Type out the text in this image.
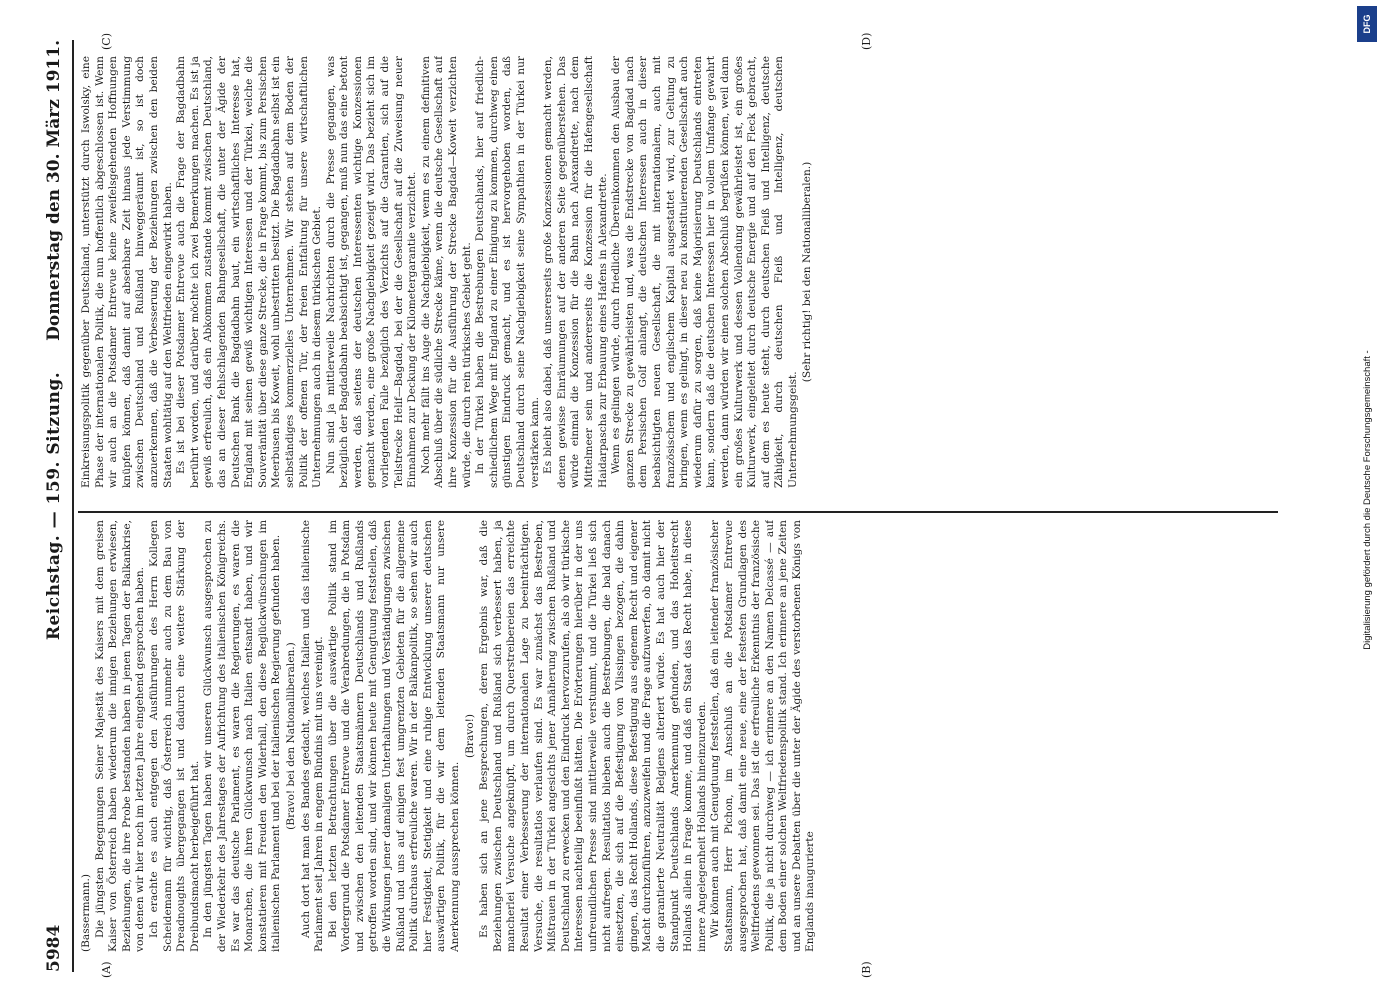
5984
Reichstag. — 159. Sitzung.
Donnerstag den 30. März 1911.
(A)	(B)
(C)	(D)

(Bassermann.) Die jüngsten Begegnungen Seiner Majestät des Kaisers mit dem greisen Kaiser von Österreich haben wiederum die innigen Beziehungen erwiesen, Beziehungen, die ihre Probe bestanden haben in jenen Tagen der Balkankrise, von denen wir hier noch im letzten Jahre eingehend gesprochen haben. Ich erachte es auch entgegen den Ausführungen des Herrn Kollegen Scheidemann für wichtig, daß Österreich nunmehr auch zu dem Bau von Dreadnoughts übergegangen ist und dadurch eine weitere Stärkung der Dreibundsmacht herbeigeführt hat. In den jüngsten Tagen haben wir unseren Glückwunsch ausgesprochen zu der Wiederkehr des Jahrestages der Aufrichtung des italienischen Königreichs. Es war das deutsche Parlament, es waren die Regierungen, es waren die Monarchen, die ihren Glückwunsch nach Italien entsandt haben, und wir konstatieren mit Freuden den Widerhall, den diese Beglückwünschungen im italienischen Parlament und bei der italienischen Regierung gefunden haben. (Bravo! bei den Nationalliberalen.) Auch dort hat man des Bandes gedacht, welches Italien und das italienische Parlament seit Jahren in engem Bündnis mit uns vereinigt. Bei den letzten Betrachtungen über die auswärtige Politik stand im Vordergrund die Potsdamer Entrevue und die Verabredungen, die in Potsdam und zwischen den leitenden Staatsmännern Deutschlands und Rußlands getroffen worden sind, und wir können heute mit Genugtuung feststellen, daß die Wirkungen jener damaligen Unterhaltungen und Verständigungen zwischen Rußland und uns auf einigen fest umgrenzten Gebieten für die allgemeine Politik durchaus erfreuliche waren. Wir in der Balkanpolitik, so sehen wir auch hier Festigkeit, Stetigkeit und eine ruhige Entwicklung unserer deutschen auswärtigen Politik, für die wir dem leitenden Staatsmann nur unsere Anerkennung aussprechen können.

(Bravo!) Es haben sich an jene Besprechungen, deren Ergebnis war, daß die Beziehungen zwischen Deutschland und Rußland sich verbessert haben, ja mancherlei Versuche angeknüpft, um durch Querstreibereien das erreichte Resultat einer Verbesserung der internationalen Lage zu beeinträchtigen. Versuche, die resultatlos verlaufen sind. Es war zunächst das Bestreben, Mißtrauen in der Türkei angesichts jener Annäherung zwischen Rußland und Deutschland zu erwecken und den Eindruck hervorzurufen, als ob wir türkische Interessen nachteilig beeinflußt hätten. Die Erörterungen hierüber in der uns unfreundlichen Presse sind mittlerweile verstummt, und die Türkei ließ sich nicht aufregen. Resultatlos blieben auch die Bestrebungen, die bald danach einsetzten, die sich auf die Befestigung von Vlissingen bezogen, die dahin gingen, das Recht Hollands, diese Befestigung aus eigenem Recht und eigener Macht durchzuführen, anzuzweifeln und die Frage aufzuwerfen, ob damit nicht die garantierte Neutralität Belgiens alteriert würde. Es hat auch hier der Standpunkt Deutschlands Anerkennung gefunden, und das Hoheitsrecht Hollands allein in Frage komme, und daß ein Staat das Recht habe, in diese innere Angelegenheit Hollands hineinzureden. Wir können auch mit Genugtuung feststellen, daß ein leitender französischer Staatsmann, Herr Pichon, im Anschluß an die Potsdamer Entrevue ausgesprochen hat, daß damit eine neue, eine der festesten Grundlagen des Weltfriedens gewonnen sei. Das ist die erfreuliche Erkenntnis der französische Politik, die ja nicht durchweg — ich erinnere an den Namen Delcassé — auf dem Boden einer solchen Weltfriedenspolitik stand. Ich erinnere an jene Zeiten und an unsere Debatten über die unter der Ägide des verstorbenen Königs von Englands inaugurierte

Einkreisungspolitik gegenüber Deutschland, unterstützt durch Iswolsky, eine Phase der internationalen Politik, die nun hoffentlich abgeschlossen ist. Wenn wir auch an die Potsdamer Entrevue keine zweifelsgehenden Hoffnungen knüpfen können, daß damit auf absehbare Zeit hinaus jede Verstimmung zwischen Deutschland und Rußland hinweggeräumt ist, so ist doch anzuerkennen, daß die Verbesserung der Beziehungen zwischen den beiden Staaten wohltätig auf den Weltfrieden eingewirkt haben. Es ist bei dieser Potsdamer Entrevue auch die Frage der Bagdadbahn berührt worden, und darüber möchte ich zwei Bemerkungen machen. Es ist ja gewiß erfreulich, daß ein Abkommen zustande kommt zwischen Deutschland, das an dieser fehlschlagenden Bahngesellschaft, die unter der Ägide der Deutschen Bank die Bagdadbahn baut, ein wirtschaftliches Interesse hat, England mit seinen gewiß wichtigen Interessen und der Türkei, welche die Souveränität über diese ganze Strecke, die in Frage kommt, bis zum Persischen Meerbusen bis Koweit, wohl unbestritten besitzt. Die Bagdadbahn selbst ist ein selbständiges kommerzielles Unternehmen. Wir stehen auf dem Boden der Politik der offenen Tür, der freien Entfaltung für unsere wirtschaftlichen Unternehmungen auch in diesem türkischen Gebiet. Nun sind ja mittlerweile Nachrichten durch die Presse gegangen, was bezüglich der Bagdadbahn beabsichtigt ist, gegangen, muß nun das eine betont werden, daß seitens der deutschen Interessenten wichtige Konzessionen gemacht werden, eine große Nachgiebigkeit gezeigt wird. Das bezieht sich im vorliegenden Falle bezüglich des Verzichts auf die Garantien, sich auf die Teilstrecke Helif—Bagdad, bei der die Gesellschaft auf die Zuweisung neuer Einnahmen zur Deckung der Kilometergarantie verzichtet. Noch mehr fällt ins Auge die Nachgiebigkeit, wenn es zu einem definitiven Abschluß über die südliche Strecke käme, wenn die deutsche Gesellschaft auf ihre Konzession für die Ausführung der Strecke Bagdad—Koweit verzichten würde, die durch rein türkisches Gebiet geht. In der Türkei haben die Bestrebungen Deutschlands, hier auf friedlich-schiedlichem Wege mit England zu einer Einigung zu kommen, durchweg einen günstigen Eindruck gemacht, und es ist hervorgehoben worden, daß Deutschland durch seine Nachgiebigkeit seine Sympathien in der Türkei nur verstärken kann. Es bleibt also dabei, daß unsererseits große Konzessionen gemacht werden, denen gewisse Einräumungen auf der anderen Seite gegenüberstehen. Das würde einmal die Konzession für die Bahn nach Alexandrette, nach dem Mittelmeer sein und andererseits die Konzession für die Hafengesellschaft Haidarpascha zur Erbauung eines Hafens in Alexandrette. Wenn es gelingen würde, durch friedliche Übereinkommen den Ausbau der ganzen Strecke zu gewährleisten und, was die Endstrecke von Bagdad nach dem Persischen Golf anlangt, die deutschen Interessen auch in dieser beabsichtigten neuen Gesellschaft, die mit internationalem, auch mit französischem und englischem Kapital ausgestattet wird, zur Geltung zu bringen, wenn es gelingt, in dieser neu zu konstituierenden Gesellschaft auch wiederum dafür zu sorgen, daß keine Majorisierung Deutschlands eintreten kann, sondern daß die deutschen Interessen hier in vollem Umfange gewahrt werden, dann würden wir einen solchen Abschluß begrüßen können, weil dann ein großes Kulturwerk und dessen Vollendung gewährleistet ist, ein großes Kulturwerk, eingeleitet durch deutsche Energie und auf den Fleck gebracht, auf dem es heute steht, durch deutschen Fleiß und Intelligenz, deutsche Zähigkeit, durch deutschen Fleiß und Intelligenz, deutschen Unternehmungsgeist.

(Sehr richtig! bei den Nationalliberalen.)

DFG
Digitalisierung gefördert durch die Deutsche Forschungsgemeinschaft -
